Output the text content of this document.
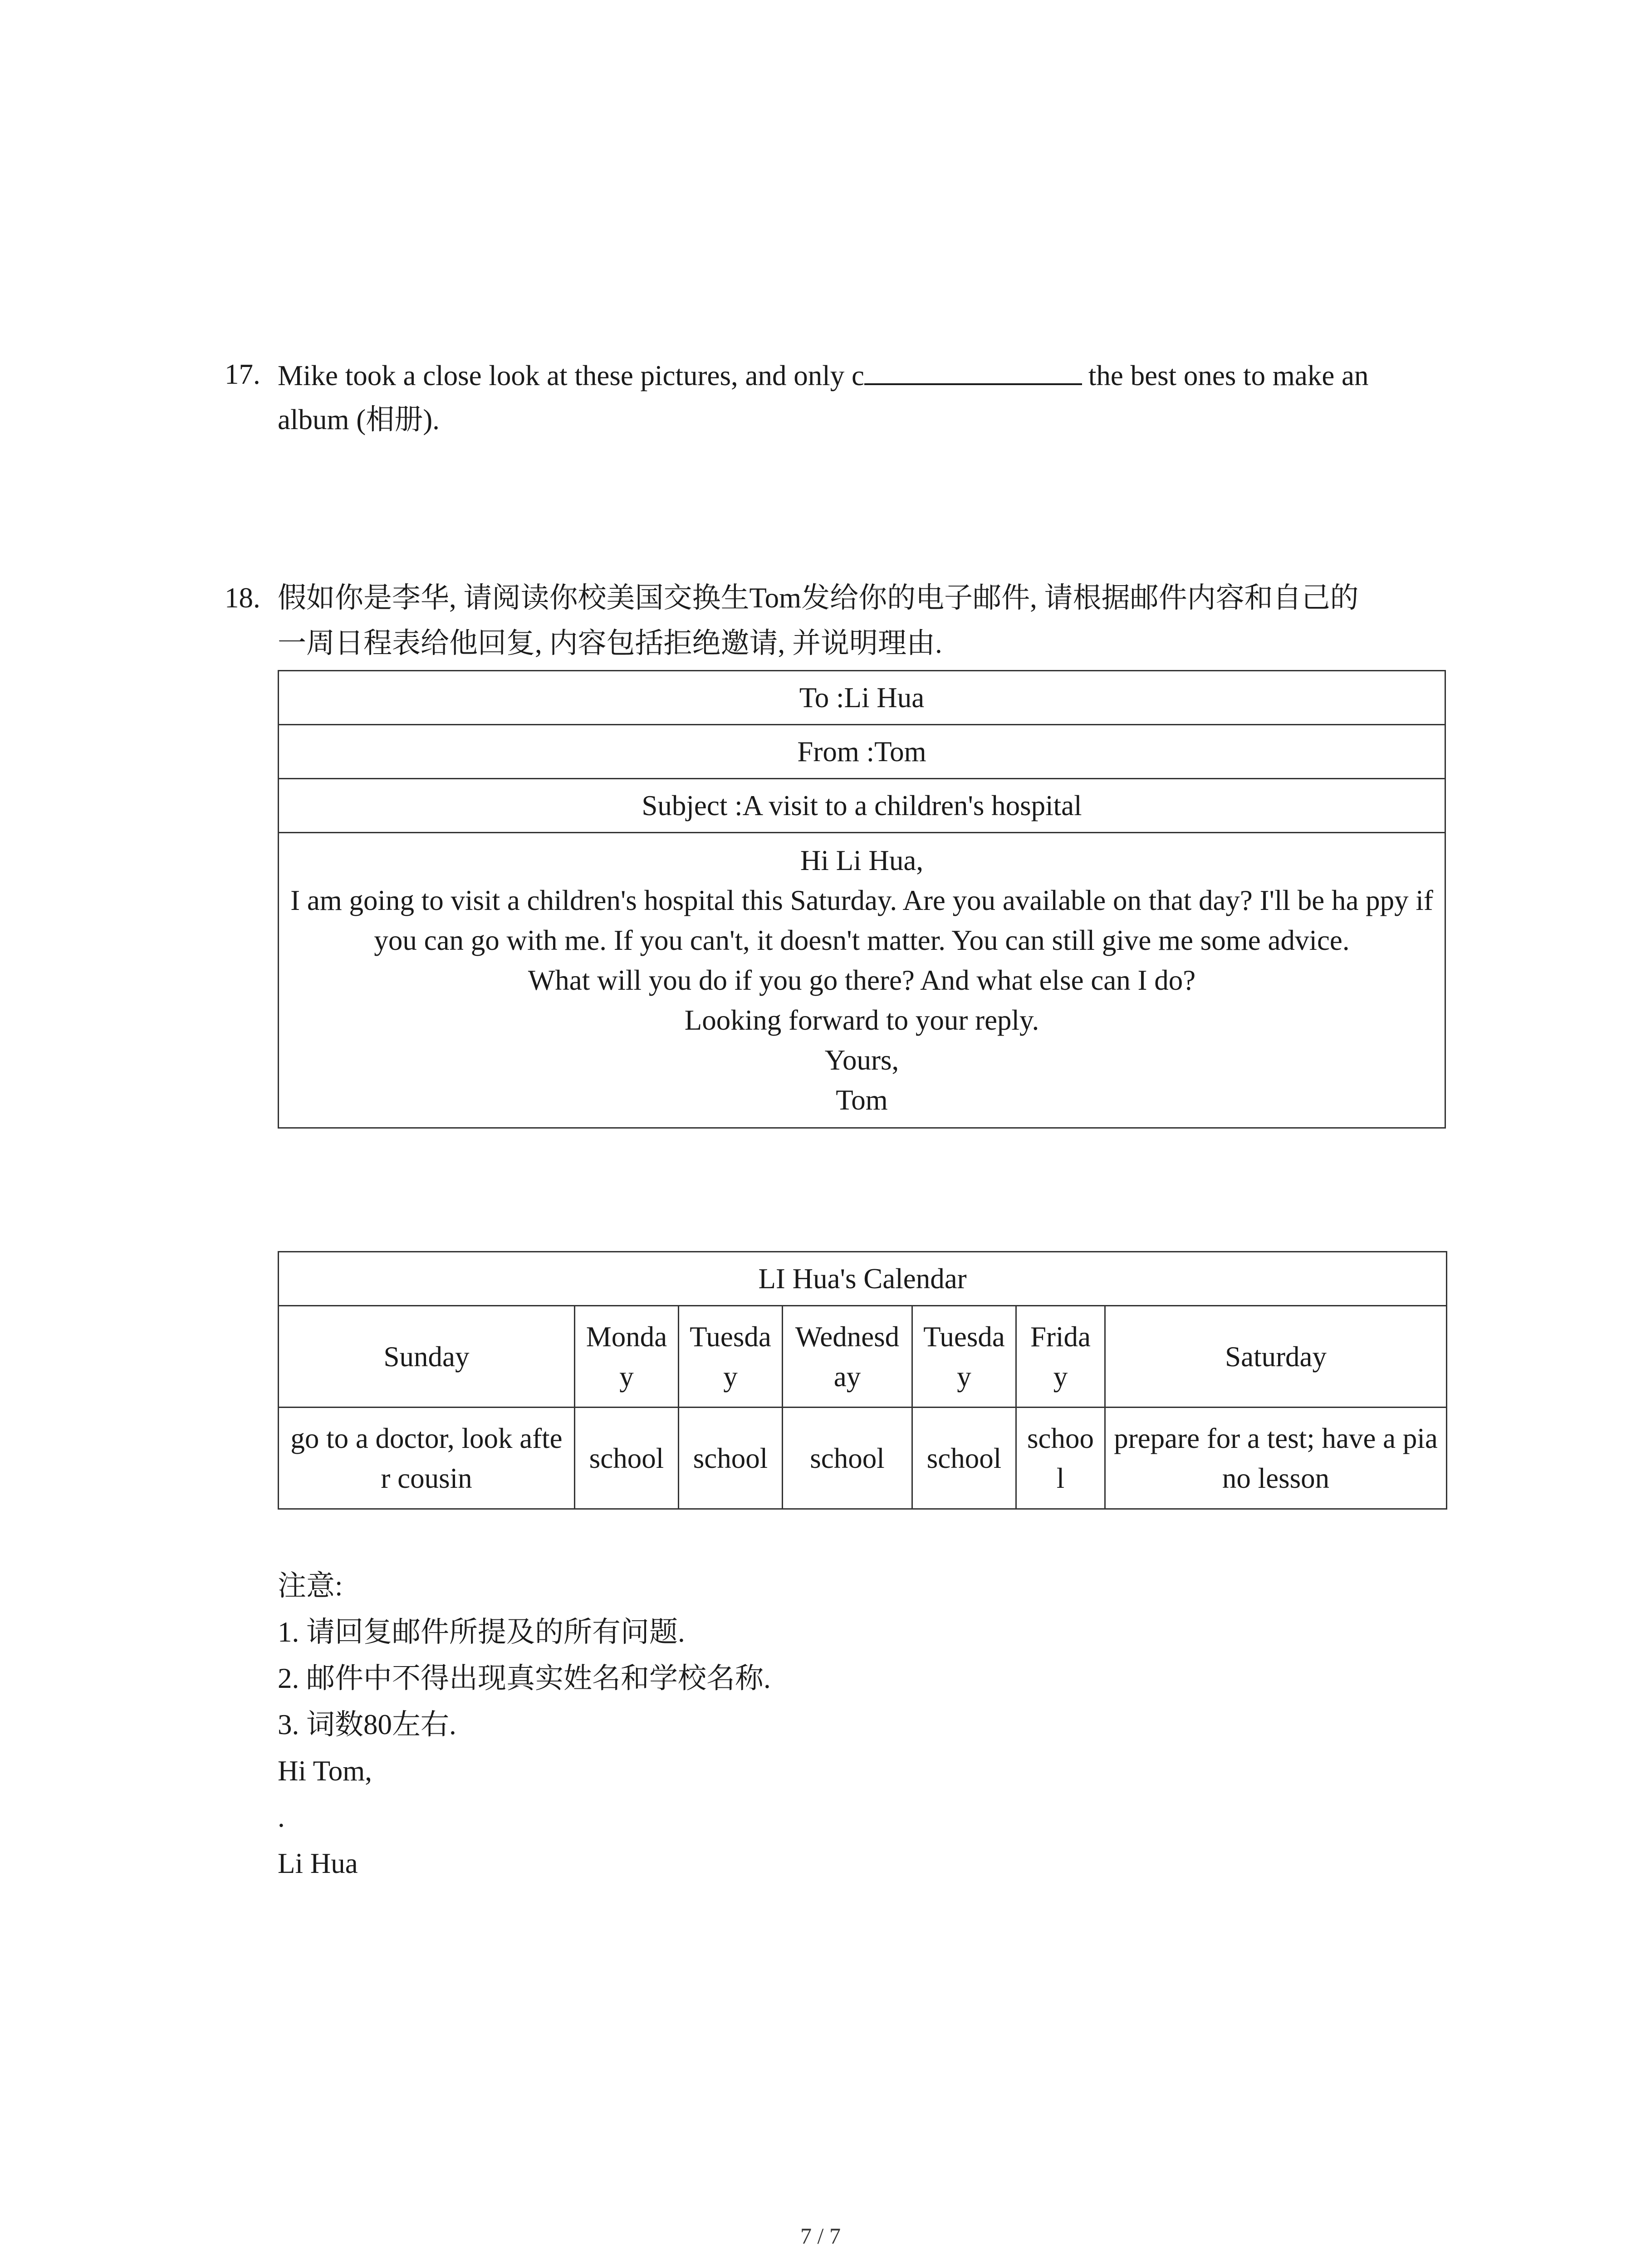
17. Mike took a close look at these pictures, and only c	the best ones to make an
album (相册).
18. 假如你是李华, 请阅读你校美国交换生Tom发给你的电子邮件, 请根据邮件内容和自己的
一周日程表给他回复, 内容包括拒绝邀请, 并说明理由.
To :Li Hua
From :Tom
Subject :A visit to a children's hospital

Hi Li Hua,
I am going to visit a children's hospital this Saturday. Are you available on that day? I'll be ha ppy if you can go with me. If you can't, it doesn't matter. You can still give me some advice.
What will you do if you go there? And what else can I do?
Looking forward to your reply.
Yours,
Tom
LI Hua's Calendar						
Sunday	Monday	Tuesday	Wednesday	Tuesday	Friday	Saturday
go to a doctor, look after cousin	school	school	school	school	school	prepare for a test; have a piano lesson
注意:
1. 请回复邮件所提及的所有问题.
2. 邮件中不得出现真实姓名和学校名称.
3. 词数80左右.
Hi Tom,
.
Li Hua
7 / 7
